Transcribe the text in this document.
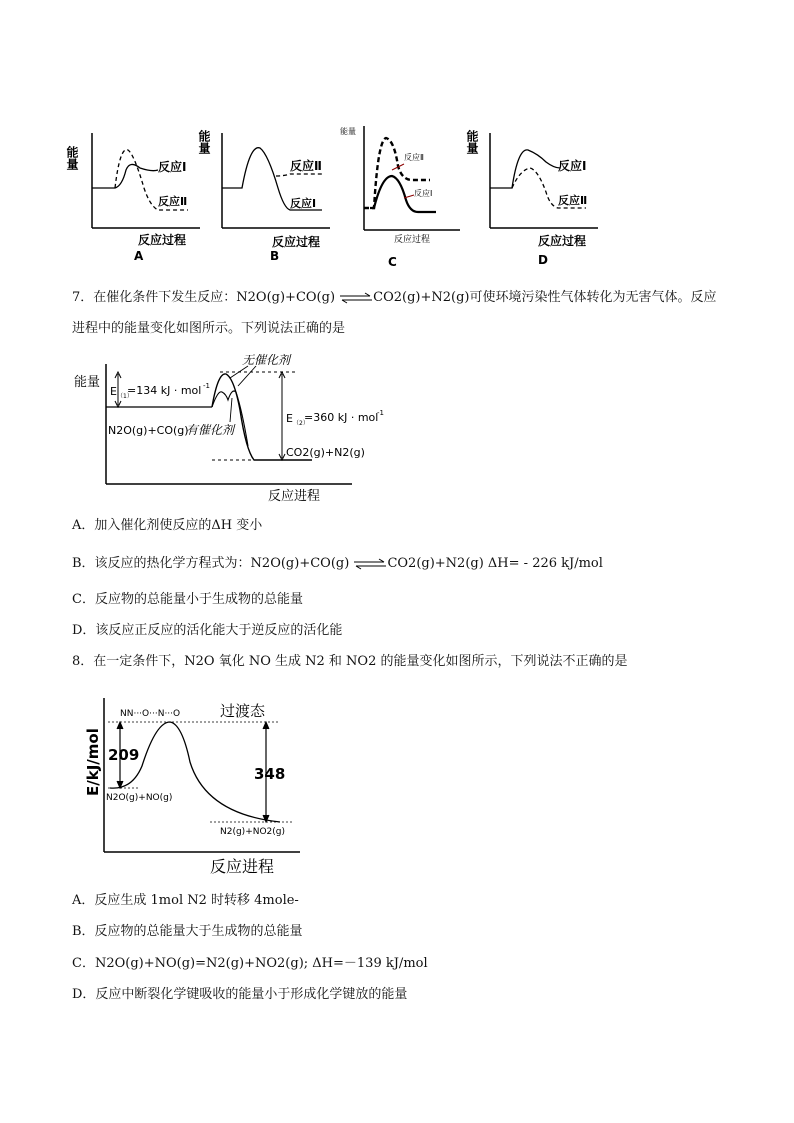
能量	反应Ⅰ
反应Ⅱ
反应过程
A
能量
反应Ⅱ
反应Ⅰ
反应过程
B
能量
反应Ⅱ
反应Ⅰ
反应过程
C
能量
反应Ⅰ
反应Ⅱ
反应过程
D
7．在催化条件下发生反应：N2O(g)+CO(g) ⇌CO2(g)+N2(g)可使环境污染性气体转化为无害气体。反应
进程中的能量变化如图所示。下列说法正确的是
能量
E （1）
=134 kJ · mol -1
E （2）
=360 kJ · mol
-1
无催化剂
N2O(g)+CO(g)
有催化剂
CO2(g)+N2(g)
反应进程
A．加入催化剂使反应的ΔH 变小
B．该反应的热化学方程式为：N2O(g)+CO(g) ⇌CO2(g)+N2(g) ΔH= - 226 kJ/mol
C．反应物的总能量小于生成物的总能量
D．该反应正反应的活化能大于逆反应的活化能
8．在一定条件下，N2O 氧化 NO 生成 N2 和 NO2 的能量变化如图所示，下列说法不正确的是
E/kJ/mol 209
348
NN···O···N···O	过渡态
N2O(g)+NO(g)
N2(g)+NO2(g)
反应进程
A．反应生成 1mol N2 时转移 4mole-
B．反应物的总能量大于生成物的总能量
C．N2O(g)+NO(g)=N2(g)+NO2(g); ΔH=－139 kJ/mol
D．反应中断裂化学键吸收的能量小于形成化学键放的能量
